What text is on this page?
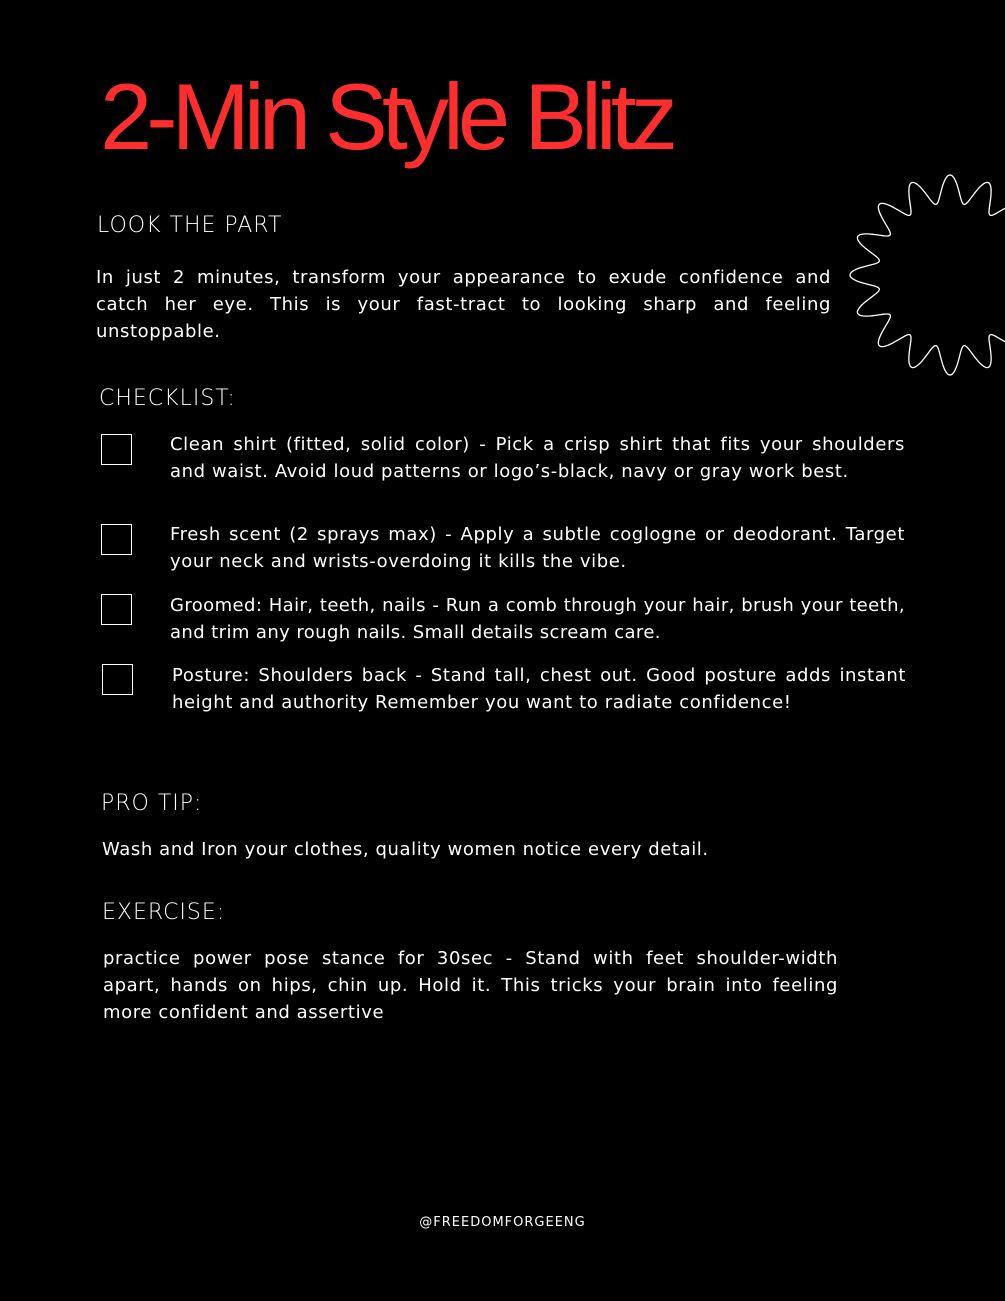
2-Min Style Blitz
LOOK THE PART

In just 2 minutes, transform your appearance to exude confidence and catch her eye. This is your fast-tract to looking sharp and feeling unstoppable.

CHECKLIST:

Clean shirt (fitted, solid color) - Pick a crisp shirt that fits your shoulders and waist. Avoid loud patterns or logo’s-black, navy or gray work best.

Fresh scent (2 sprays max) - Apply a subtle coglogne or deodorant. Target your neck and wrists-overdoing it kills the vibe.

Groomed: Hair, teeth, nails - Run a comb through your hair, brush your teeth, and trim any rough nails. Small details scream care.

Posture: Shoulders back - Stand tall, chest out. Good posture adds instant height and authority Remember you want to radiate confidence!

PRO TIP:

Wash and Iron your clothes, quality women notice every detail.

EXERCISE:

practice power pose stance for 30sec - Stand with feet shoulder-width apart, hands on hips, chin up. Hold it. This tricks your brain into feeling more confident and assertive

@FREEDOMFORGEENG
